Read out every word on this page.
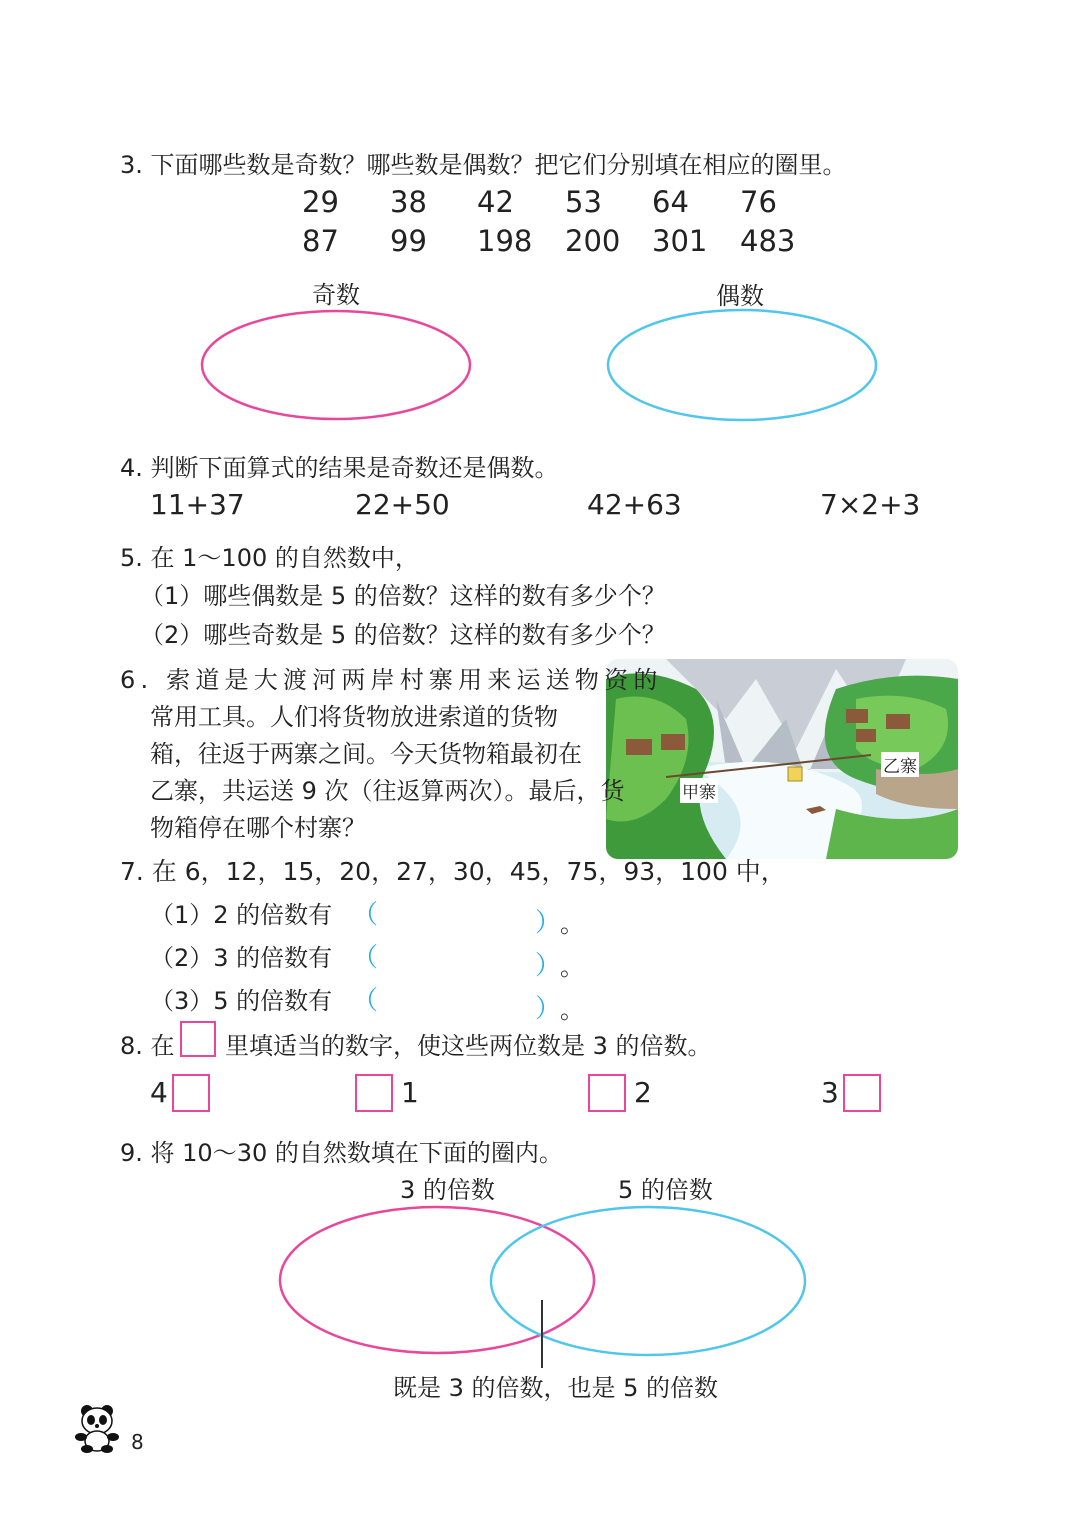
3. 下面哪些数是奇数？哪些数是偶数？把它们分别填在相应的圈里。
29 38 42 53 64 76
87 99 198 200 301 483
奇数	偶数
4. 判断下面算式的结果是奇数还是偶数。
11+37	22+50	42+63	7×2+3
5. 在 1～100 的自然数中，
（1）哪些偶数是 5 的倍数？这样的数有多少个？
（2）哪些奇数是 5 的倍数？这样的数有多少个？
甲寨
乙寨
6. 索道是大渡河两岸村寨用来运送物资的
常用工具。人们将货物放进索道的货物
箱，往返于两寨之间。今天货物箱最初在
乙寨，共运送 9 次（往返算两次）。最后，货
物箱停在哪个村寨？
7. 在 6，12，15，20，27，30，45，75，93，100 中，
（1）2 的倍数有 （	）
。
（2）3 的倍数有 （	）
。
（3）5 的倍数有 （	）
。
8. 在 里填适当的数字，使这些两位数是 3 的倍数。
4	1	2	3
9. 将 10～30 的自然数填在下面的圈内。
3 的倍数	5 的倍数
既是 3 的倍数，也是 5 的倍数
8
